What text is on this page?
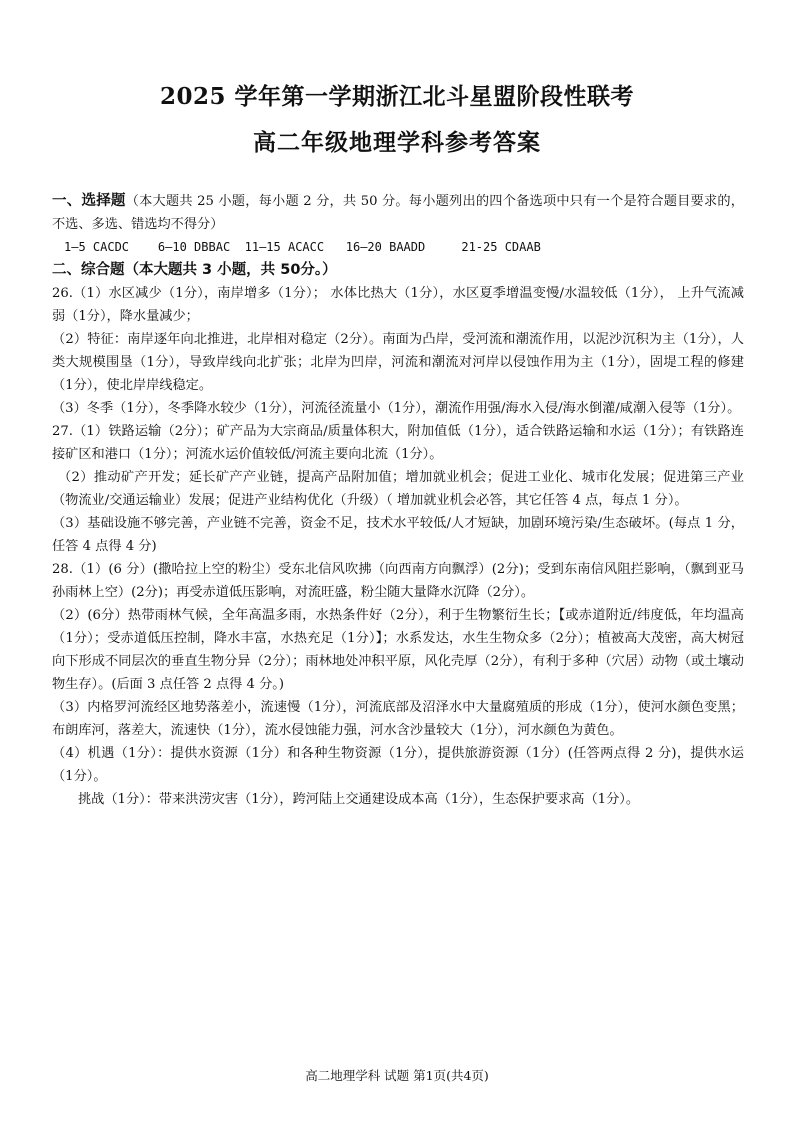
2025 学年第一学期浙江北斗星盟阶段性联考
高二年级地理学科参考答案

一、选择题（本大题共 25 小题，每小题 2 分，共 50 分。每小题列出的四个备选项中只有一个是符合题目要求的，不选、多选、错选均不得分）

1—5 CACDC    6—10 DBBAC  11—15 ACACC   16—20 BAADD     21-25 CDAAB

二、综合题（本大题共 3 小题，共 50分。）

26.（1）水区减少（1分），南岸增多（1分）； 水体比热大（1分），水区夏季增温变慢/水温较低（1分）， 上升气流减弱（1分），降水量减少；

（2）特征：南岸逐年向北推进，北岸相对稳定（2分）。南面为凸岸，受河流和潮流作用，以泥沙沉积为主（1分），人类大规模围垦（1分），导致岸线向北扩张；北岸为凹岸，河流和潮流对河岸以侵蚀作用为主（1分），固堤工程的修建（1分），使北岸岸线稳定。

（3）冬季（1分），冬季降水较少（1分），河流径流量小（1分），潮流作用强/海水入侵/海水倒灌/咸潮入侵等（1分）。

27.（1）铁路运输（2分）；矿产品为大宗商品/质量体积大，附加值低（1分），适合铁路运输和水运（1分）；有铁路连接矿区和港口（1分）；河流水运价值较低/河流主要向北流（1分）。

（2）推动矿产开发；延长矿产产业链，提高产品附加值；增加就业机会；促进工业化、城市化发展；促进第三产业（物流业/交通运输业）发展；促进产业结构优化（升级）（ 增加就业机会必答，其它任答 4 点，每点 1 分）。

（3）基础设施不够完善，产业链不完善，资金不足，技术水平较低/人才短缺，加剧环境污染/生态破坏。(每点 1 分，任答 4 点得 4 分)

28.（1）(6 分）(撒哈拉上空的粉尘）受东北信风吹拂（向西南方向飘浮）(2分)；受到东南信风阻拦影响，（飘到亚马孙雨林上空）(2分)；再受赤道低压影响，对流旺盛，粉尘随大量降水沉降（2分）。

（2）(6分）热带雨林气候，全年高温多雨，水热条件好（2分），利于生物繁衍生长；【或赤道附近/纬度低，年均温高（1分）；受赤道低压控制，降水丰富，水热充足（1分）】；水系发达，水生生物众多（2分）；植被高大茂密，高大树冠向下形成不同层次的垂直生物分异（2分）；雨林地处冲积平原，风化壳厚（2分），有利于多种（穴居）动物（或土壤动物生存）。(后面 3 点任答 2 点得 4 分。)

（3）内格罗河流经区地势落差小，流速慢（1分），河流底部及沼泽水中大量腐殖质的形成（1分），使河水颜色变黑；布朗库河，落差大，流速快（1分），流水侵蚀能力强，河水含沙量较大（1分），河水颜色为黄色。

（4）机遇（1分）：提供水资源（1分）和各种生物资源（1分），提供旅游资源（1分）(任答两点得 2 分)，提供水运（1分）。

挑战（1分）：带来洪涝灾害（1分），跨河陆上交通建设成本高（1分），生态保护要求高（1分）。

高二地理学科 试题 第1页(共4页)
